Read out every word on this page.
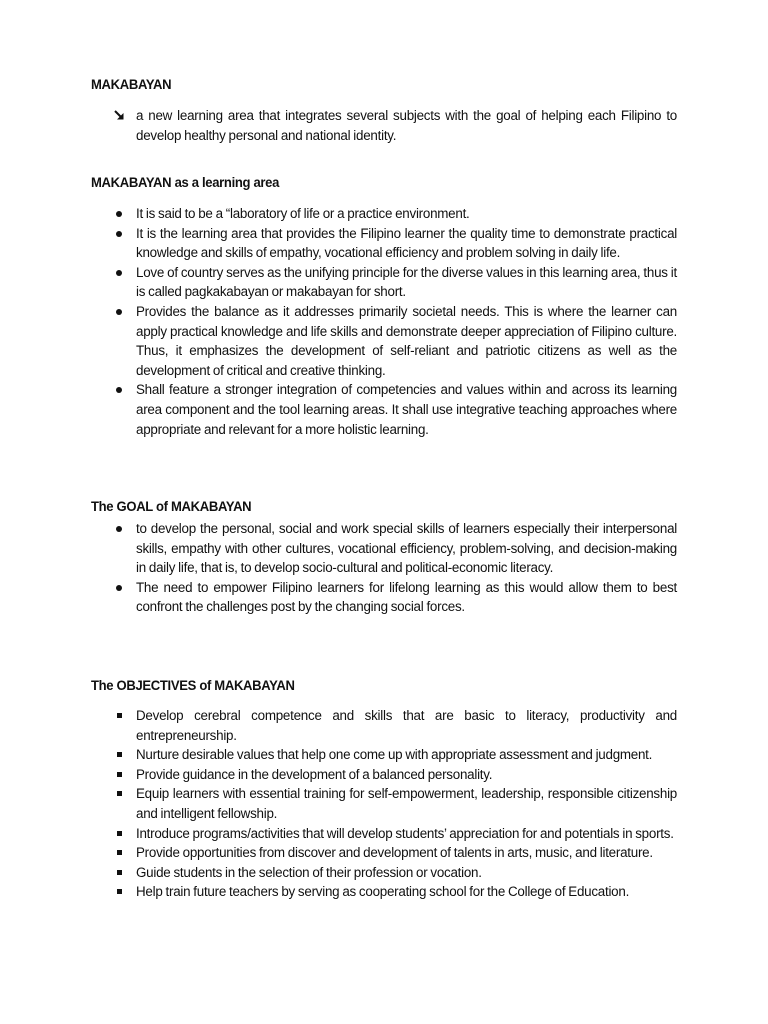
MAKABAYAN
a new learning area that integrates several subjects with the goal of helping each Filipino to develop healthy personal and national identity.
MAKABAYAN as a learning area
It is said to be a “laboratory of life or a practice environment.
It is the learning area that provides the Filipino learner the quality time to demonstrate practical knowledge and skills of empathy, vocational efficiency and problem solving in daily life.
Love of country serves as the unifying principle for the diverse values in this learning area, thus it is called pagkakabayan or makabayan for short.
Provides the balance as it addresses primarily societal needs. This is where the learner can apply practical knowledge and life skills and demonstrate deeper appreciation of Filipino culture. Thus, it emphasizes the development of self-reliant and patriotic citizens as well as the development of critical and creative thinking.
Shall feature a stronger integration of competencies and values within and across its learning area component and the tool learning areas. It shall use integrative teaching approaches where appropriate and relevant for a more holistic learning.
The GOAL of MAKABAYAN
to develop the personal, social and work special skills of learners especially their interpersonal skills, empathy with other cultures, vocational efficiency, problem-solving, and decision-making in daily life, that is, to develop socio-cultural and political-economic literacy.
The need to empower Filipino learners for lifelong learning as this would allow them to best confront the challenges post by the changing social forces.
The OBJECTIVES of MAKABAYAN
Develop cerebral competence and skills that are basic to literacy, productivity and entrepreneurship.
Nurture desirable values that help one come up with appropriate assessment and judgment.
Provide guidance in the development of a balanced personality.
Equip learners with essential training for self-empowerment, leadership, responsible citizenship and intelligent fellowship.
Introduce programs/activities that will develop students’ appreciation for and potentials in sports.
Provide opportunities from discover and development of talents in arts, music, and literature.
Guide students in the selection of their profession or vocation.
Help train future teachers by serving as cooperating school for the College of Education.
